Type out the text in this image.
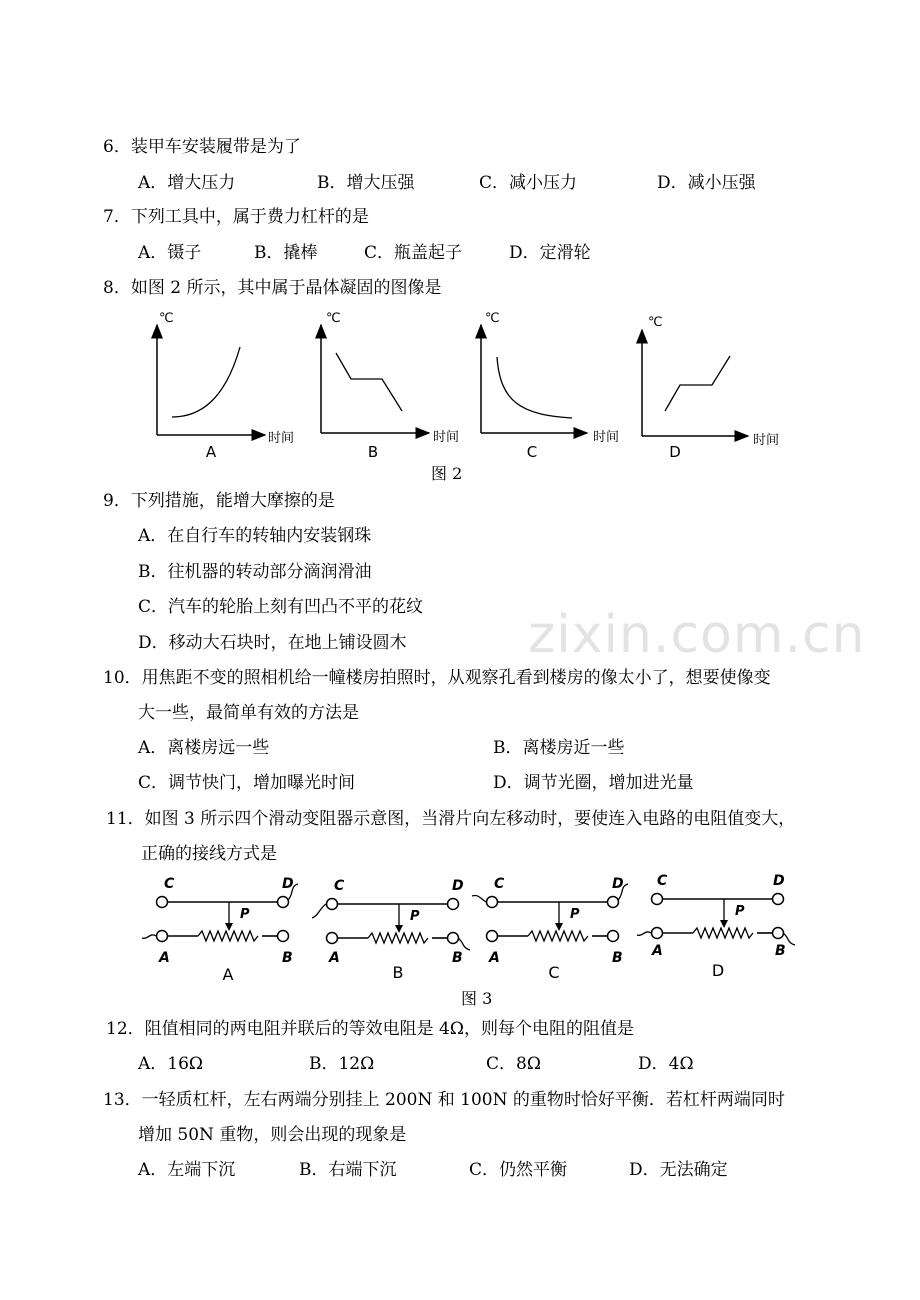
zixin.com.cn
6．装甲车安装履带是为了
A．增大压力	B．增大压强	C．减小压力	D．减小压强
7．下列工具中，属于费力杠杆的是
A．镊子	B．撬棒	C．瓶盖起子	D．定滑轮
8．如图 2 所示，其中属于晶体凝固的图像是
℃
时间
A
℃
时间
B
℃
时间
C
℃
时间
D
图 2
9．下列措施，能增大摩擦的是
A．在自行车的转轴内安装钢珠
B．往机器的转动部分滴润滑油
C．汽车的轮胎上刻有凹凸不平的花纹
D．移动大石块时，在地上铺设圆木
10．用焦距不变的照相机给一幢楼房拍照时，从观察孔看到楼房的像太小了，想要使像变
大一些，最简单有效的方法是
A．离楼房远一些	B．离楼房近一些
C．调节快门，增加曝光时间	D．调节光圈，增加进光量
11．如图 3 所示四个滑动变阻器示意图，当滑片向左移动时，要使连入电路的电阻值变大，
正确的接线方式是
C	D
P
A	B
A
C	D
P
A	B
B
C	D
P
A	B
C
C	D
P
A	B
D
图 3
12．阻值相同的两电阻并联后的等效电阻是 4Ω，则每个电阻的阻值是
A．16Ω	B．12Ω	C．8Ω	D．4Ω
13．一轻质杠杆，左右两端分别挂上 200N 和 100N 的重物时恰好平衡．若杠杆两端同时
增加 50N 重物，则会出现的现象是
A．左端下沉	B．右端下沉	C．仍然平衡	D．无法确定
